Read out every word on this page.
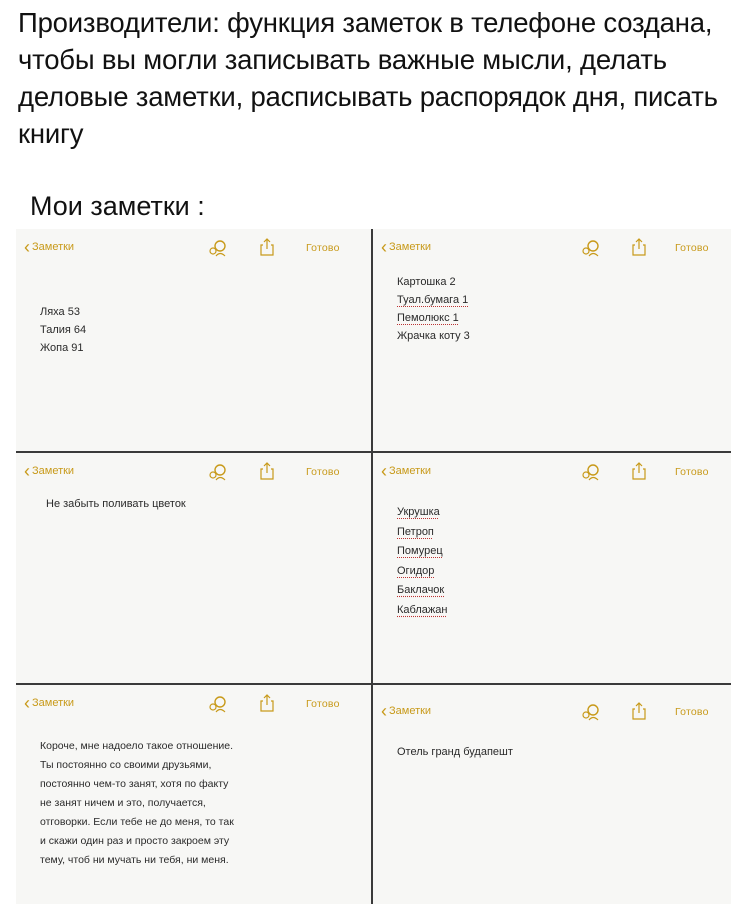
Производители: функция заметок в телефоне создана, чтобы вы могли записывать важные мысли, делать деловые заметки, расписывать распорядок дня, писать книгу
Мои заметки :
‹ Заметки	Готово
Ляха 53
Талия 64
Жопа 91
‹ Заметки	Готово
Картошка 2
Туал.бумага 1
Пемолюкс 1
Жрачка коту 3
‹ Заметки	Готово
Не забыть поливать цветок
‹ Заметки	Готово
Укрушка
Петроп
Помурец
Огидор
Баклачок
Каблажан
‹ Заметки	Готово
Короче, мне надоело такое отношение.
Ты постоянно со своими друзьями,
постоянно чем-то занят, хотя по факту
не занят ничем и это, получается,
отговорки. Если тебе не до меня, то так
и скажи один раз и просто закроем эту
тему, чтоб ни мучать ни тебя, ни меня.
‹ Заметки	Готово
Отель гранд будапешт
